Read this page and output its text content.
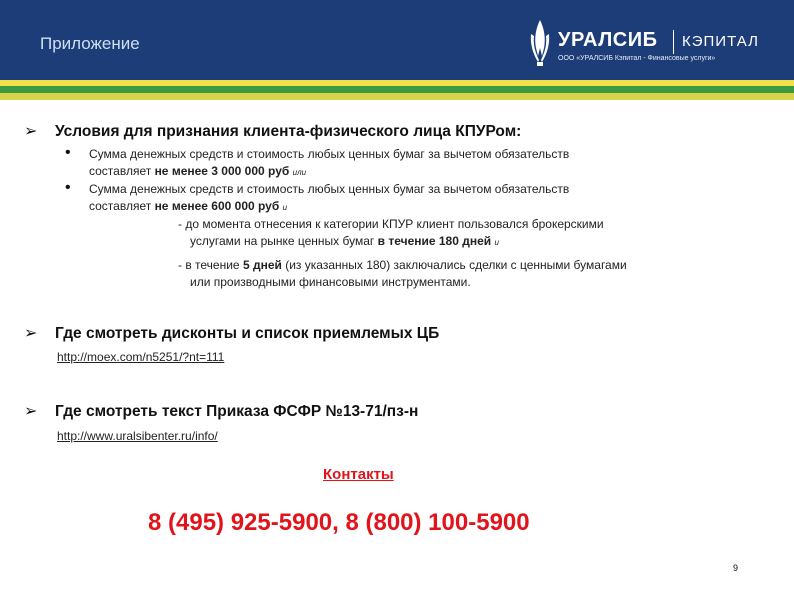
Приложение	УРАЛСИБ КЭПИТАЛ
ООО «УРАЛСИБ Кэпитал - Финансовые услуги»
➢ Условия для признания клиента-физического лица КПУРом:
• Сумма денежных средств и стоимость любых ценных бумаг за вычетом обязательств
составляет не менее 3 000 000 руб или
• Сумма денежных средств и стоимость любых ценных бумаг за вычетом обязательств
составляет не менее 600 000 руб и
- до момента отнесения к категории КПУР клиент пользовался брокерскими
услугами на рынке ценных бумаг в течение 180 дней и
- в течение 5 дней (из указанных 180) заключались сделки с ценными бумагами
или производными финансовыми инструментами.
➢ Где смотреть дисконты и список приемлемых ЦБ
http://moex.com/n5251/?nt=111
➢ Где смотреть текст Приказа ФСФР №13-71/пз-н
http://www.uralsibenter.ru/info/
Контакты
8 (495) 925-5900, 8 (800) 100-5900
9
